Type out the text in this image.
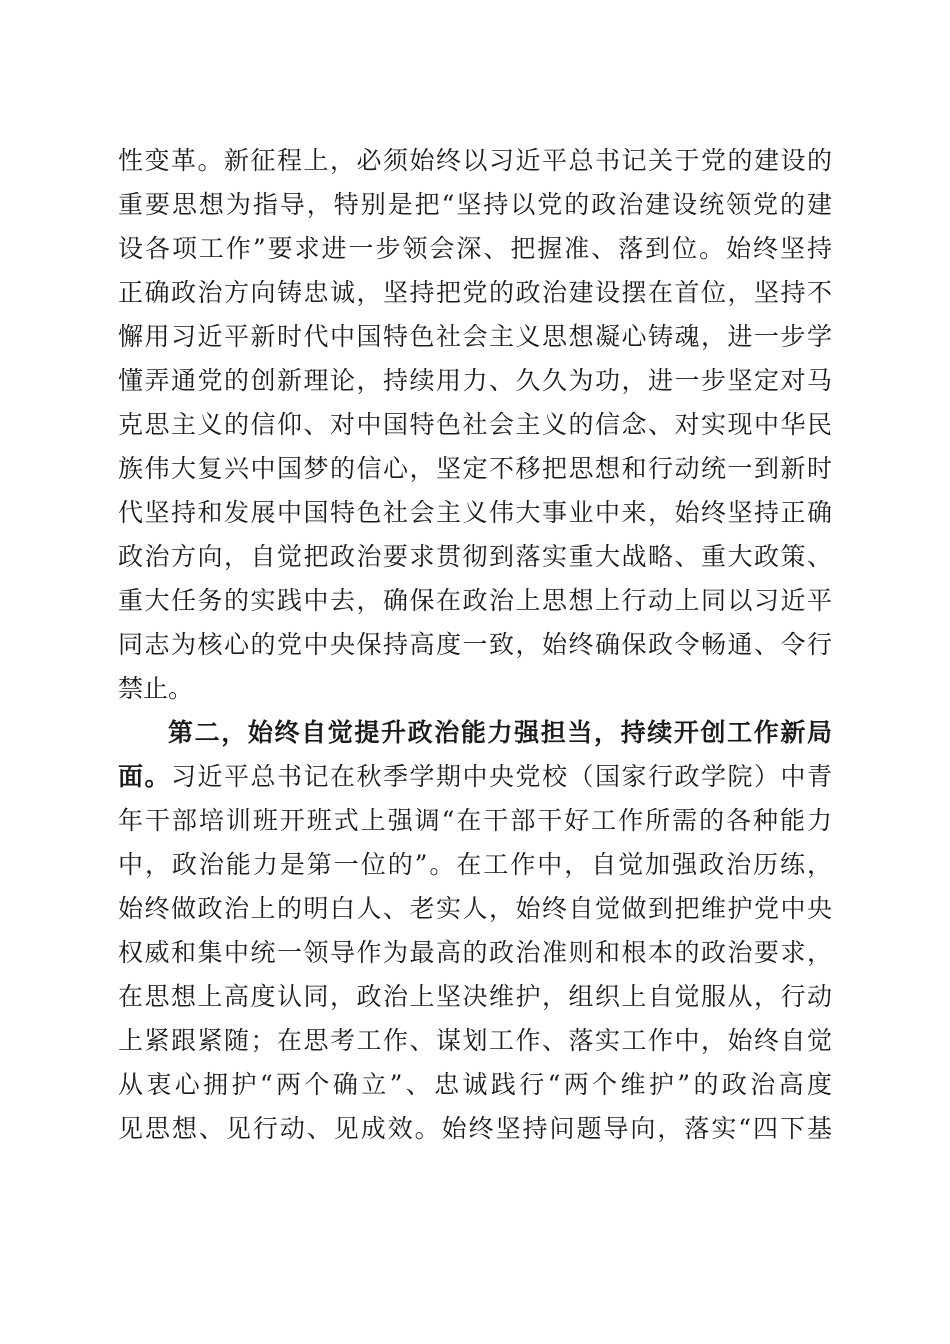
性变革。新征程上，必须始终以习近平总书记关于党的建设的
重要思想为指导，特别是把“坚持以党的政治建设统领党的建
设各项工作”要求进一步领会深、把握准、落到位。始终坚持
正确政治方向铸忠诚，坚持把党的政治建设摆在首位，坚持不
懈用习近平新时代中国特色社会主义思想凝心铸魂，进一步学
懂弄通党的创新理论，持续用力、久久为功，进一步坚定对马
克思主义的信仰、对中国特色社会主义的信念、对实现中华民
族伟大复兴中国梦的信心，坚定不移把思想和行动统一到新时
代坚持和发展中国特色社会主义伟大事业中来，始终坚持正确
政治方向，自觉把政治要求贯彻到落实重大战略、重大政策、
重大任务的实践中去，确保在政治上思想上行动上同以习近平
同志为核心的党中央保持高度一致，始终确保政令畅通、令行
禁止。
第二，始终自觉提升政治能力强担当，持续开创工作新局
面。习近平总书记在秋季学期中央党校（国家行政学院）中青
年干部培训班开班式上强调“在干部干好工作所需的各种能力
中，政治能力是第一位的”。在工作中，自觉加强政治历练，
始终做政治上的明白人、老实人，始终自觉做到把维护党中央
权威和集中统一领导作为最高的政治准则和根本的政治要求，
在思想上高度认同，政治上坚决维护，组织上自觉服从，行动
上紧跟紧随；在思考工作、谋划工作、落实工作中，始终自觉
从衷心拥护“两个确立”、忠诚践行“两个维护”的政治高度
见思想、见行动、见成效。始终坚持问题导向，落实“四下基
